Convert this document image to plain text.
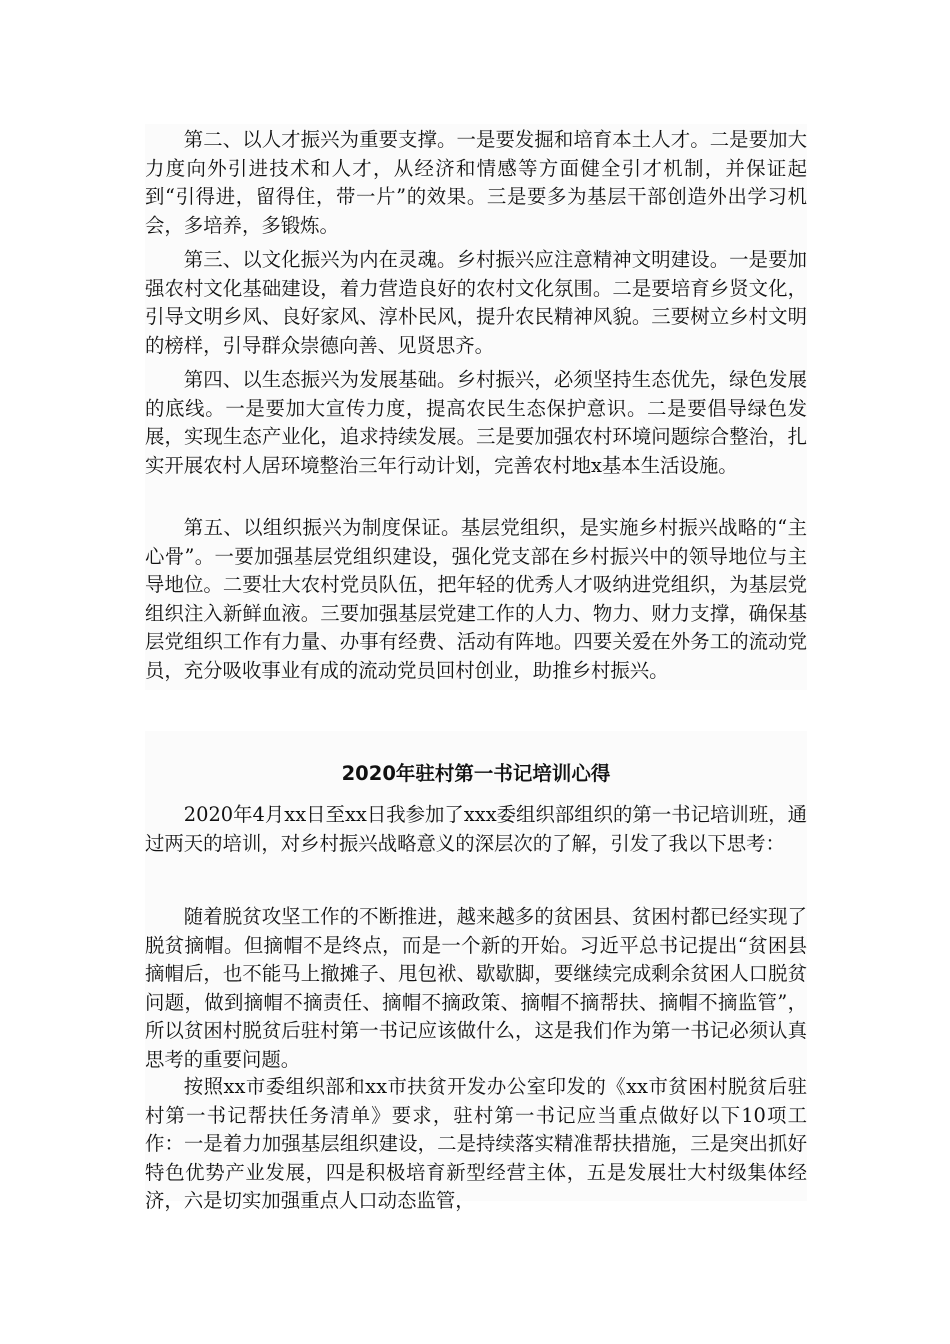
第二、以人才振兴为重要支撑。一是要发掘和培育本土人才。二是要加大力度向外引进技术和人才，从经济和情感等方面健全引才机制，并保证起到“引得进，留得住，带一片”的效果。三是要多为基层干部创造外出学习机会，多培养，多锻炼。

第三、以文化振兴为内在灵魂。乡村振兴应注意精神文明建设。一是要加强农村文化基础建设，着力营造良好的农村文化氛围。二是要培育乡贤文化，引导文明乡风、良好家风、淳朴民风，提升农民精神风貌。三要树立乡村文明的榜样，引导群众崇德向善、见贤思齐。

第四、以生态振兴为发展基础。乡村振兴，必须坚持生态优先，绿色发展的底线。一是要加大宣传力度，提高农民生态保护意识。二是要倡导绿色发展，实现生态产业化，追求持续发展。三是要加强农村环境问题综合整治，扎实开展农村人居环境整治三年行动计划，完善农村地x基本生活设施。

第五、以组织振兴为制度保证。基层党组织，是实施乡村振兴战略的“主心骨”。一要加强基层党组织建设，强化党支部在乡村振兴中的领导地位与主导地位。二要壮大农村党员队伍，把年轻的优秀人才吸纳进党组织，为基层党组织注入新鲜血液。三要加强基层党建工作的人力、物力、财力支撑，确保基层党组织工作有力量、办事有经费、活动有阵地。四要关爱在外务工的流动党员，充分吸收事业有成的流动党员回村创业，助推乡村振兴。

2020年驻村第一书记培训心得

2020年4月xx日至xx日我参加了xxx委组织部组织的第一书记培训班，通过两天的培训，对乡村振兴战略意义的深层次的了解，引发了我以下思考：

随着脱贫攻坚工作的不断推进，越来越多的贫困县、贫困村都已经实现了脱贫摘帽。但摘帽不是终点，而是一个新的开始。习近平总书记提出“贫困县摘帽后，也不能马上撤摊子、甩包袱、歇歇脚，要继续完成剩余贫困人口脱贫问题，做到摘帽不摘责任、摘帽不摘政策、摘帽不摘帮扶、摘帽不摘监管”，所以贫困村脱贫后驻村第一书记应该做什么，这是我们作为第一书记必须认真思考的重要问题。

按照xx市委组织部和xx市扶贫开发办公室印发的《xx市贫困村脱贫后驻村第一书记帮扶任务清单》要求，驻村第一书记应当重点做好以下10项工作：一是着力加强基层组织建设，二是持续落实精准帮扶措施，三是突出抓好特色优势产业发展，四是积极培育新型经营主体，五是发展壮大村级集体经济，六是切实加强重点人口动态监管，
